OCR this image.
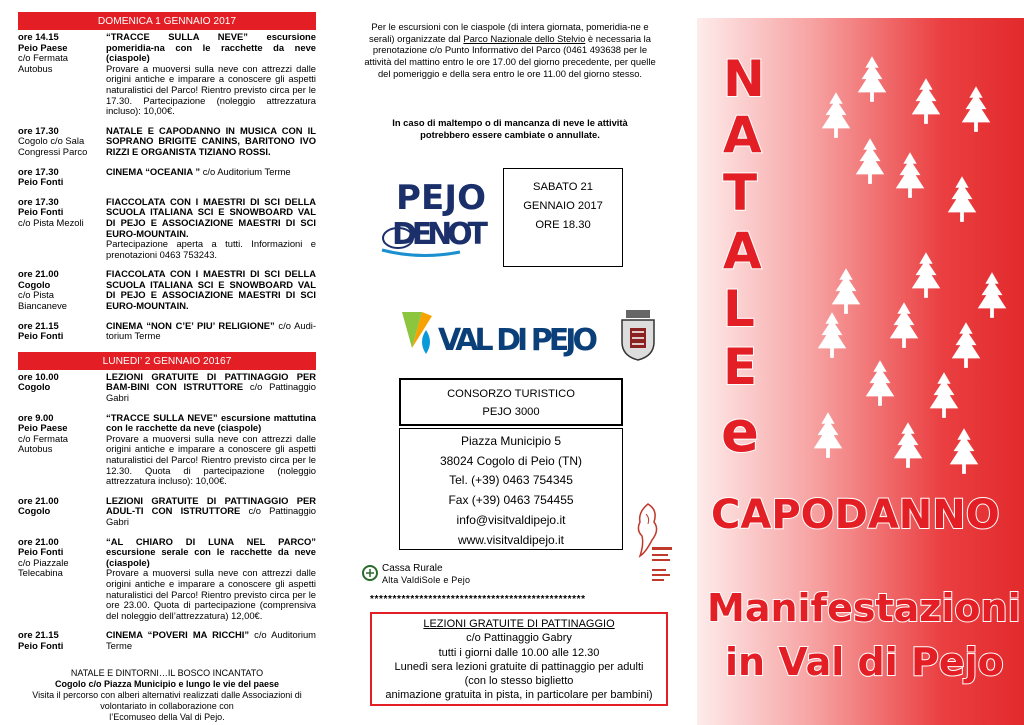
DOMENICA 1 GENNAIO 2017
ore 14.15
Peio Paese
c/o Fermata
Autobus
“TRACCE SULLA NEVE” escursione pomeridia-na con le racchette da neve (ciaspole)
Provare a muoversi sulla neve con attrezzi dalle origini antiche e imparare a conoscere gli aspetti naturalistici del Parco! Rientro previsto circa per le 17.30. Partecipazione (noleggio attrezzatura incluso): 10,00€.
ore 17.30
Cogolo c/o Sala
Congressi Parco
NATALE E CAPODANNO IN MUSICA CON IL SOPRANO BRIGITE CANINS, BARITONO IVO RIZZI E ORGANISTA TIZIANO ROSSI.
ore 17.30
Peio Fonti
CINEMA “OCEANIA ” c/o Auditorium Terme
ore 17.30
Peio Fonti
c/o Pista Mezoli
FIACCOLATA CON I MAESTRI DI SCI DELLA SCUOLA ITALIANA SCI E SNOWBOARD VAL DI PEJO E ASSOCIAZIONE MAESTRI DI SCI EURO-MOUNTAIN.
Partecipazione aperta a tutti. Informazioni e prenotazioni 0463 753243.
ore 21.00
Cogolo
c/o Pista
Biancaneve
FIACCOLATA CON I MAESTRI DI SCI DELLA SCUOLA ITALIANA SCI E SNOWBOARD VAL DI PEJO E ASSOCIAZIONE MAESTRI DI SCI EURO-MOUNTAIN.
ore 21.15
Peio Fonti
CINEMA “NON C’E’ PIU’ RELIGIONE” c/o Audi-torium Terme
LUNEDI’ 2 GENNAIO 20167
ore 10.00
Cogolo
LEZIONI GRATUITE DI PATTINAGGIO PER BAM-BINI CON ISTRUTTORE c/o Pattinaggio Gabri
ore 9.00
Peio Paese
c/o Fermata
Autobus
“TRACCE SULLA NEVE” escursione mattutina con le racchette da neve (ciaspole)
Provare a muoversi sulla neve con attrezzi dalle origini antiche e imparare a conoscere gli aspetti naturalistici del Parco! Rientro previsto circa per le 12.30. Quota di partecipazione (noleggio attrezzatura incluso): 10,00€.
ore 21.00
Cogolo
LEZIONI GRATUITE DI PATTINAGGIO PER ADUL-TI CON ISTRUTTORE c/o Pattinaggio Gabri
ore 21.00
Peio Fonti
c/o Piazzale
Telecabina
“AL CHIARO DI LUNA NEL PARCO” escursione serale con le racchette da neve (ciaspole)
Provare a muoversi sulla neve con attrezzi dalle origini antiche e imparare a conoscere gli aspetti naturalistici del Parco! Rientro previsto circa per le ore 23.00. Quota di partecipazione (comprensiva del noleggio dell’attrezzatura) 12,00€.
ore 21.15
Peio Fonti
CINEMA “POVERI MA RICCHI” c/o Auditorium Terme
NATALE E DINTORNI…IL BOSCO INCANTATO
Cogolo c/o Piazza Municipio e lungo le vie del paese
Visita il percorso con alberi alternativi realizzati dalle Associazioni di volontariato in collaborazione con
l’Ecomuseo della Val di Pejo.
Per le escursioni con le ciaspole (di intera giornata, pomeridia-ne e serali) organizzate dal Parco Nazionale dello Stelvio è necessaria la prenotazione c/o Punto Informativo del Parco (0461 493638 per le attività del mattino entro le ore 17.00 del giorno precedente, per quelle del pomeriggio e della sera entro le ore 11.00 del giorno stesso.
In caso di maltempo o di mancanza di neve le attività potrebbero essere cambiate o annullate.
PEJO
DENOT
SABATO 21
GENNAIO 2017
ORE 18.30
VAL DI PEJO
CONSORZO TURISTICO
PEJO 3000
Piazza Municipio 5
38024 Cogolo di Peio (TN)
Tel. (+39) 0463 754345
Fax (+39) 0463 754455
info@visitvaldipejo.it
www.visitvaldipejo.it
Cassa Rurale
Alta ValdiSole e Pejo
************************************************
LEZIONI GRATUITE DI PATTINAGGIO
c/o Pattinaggio Gabry
tutti i giorni dalle 10.00 alle 12.30
Lunedì sera lezioni gratuite di pattinaggio per adulti
(con lo stesso biglietto
animazione gratuita in pista, in particolare per bambini)
N
A
T
A
L
E
e
CAPODANNO
Manifestazioni
in Val di Pejo
